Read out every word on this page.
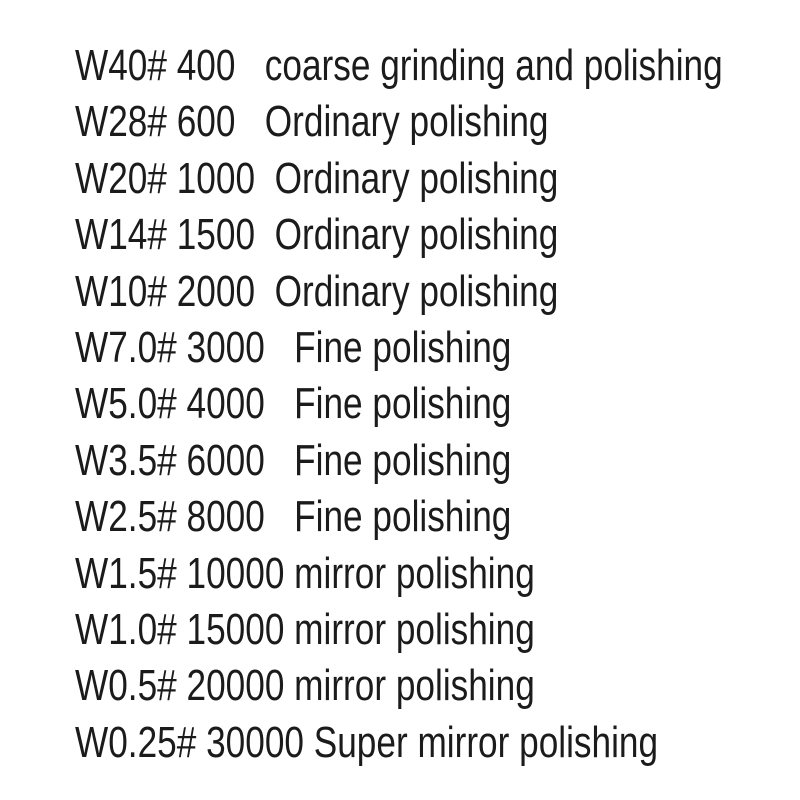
W40# 400   coarse grinding and polishing
W28# 600   Ordinary polishing
W20# 1000  Ordinary polishing
W14# 1500  Ordinary polishing
W10# 2000  Ordinary polishing
W7.0# 3000   Fine polishing
W5.0# 4000   Fine polishing
W3.5# 6000   Fine polishing
W2.5# 8000   Fine polishing
W1.5# 10000 mirror polishing
W1.0# 15000 mirror polishing
W0.5# 20000 mirror polishing
W0.25# 30000 Super mirror polishing
